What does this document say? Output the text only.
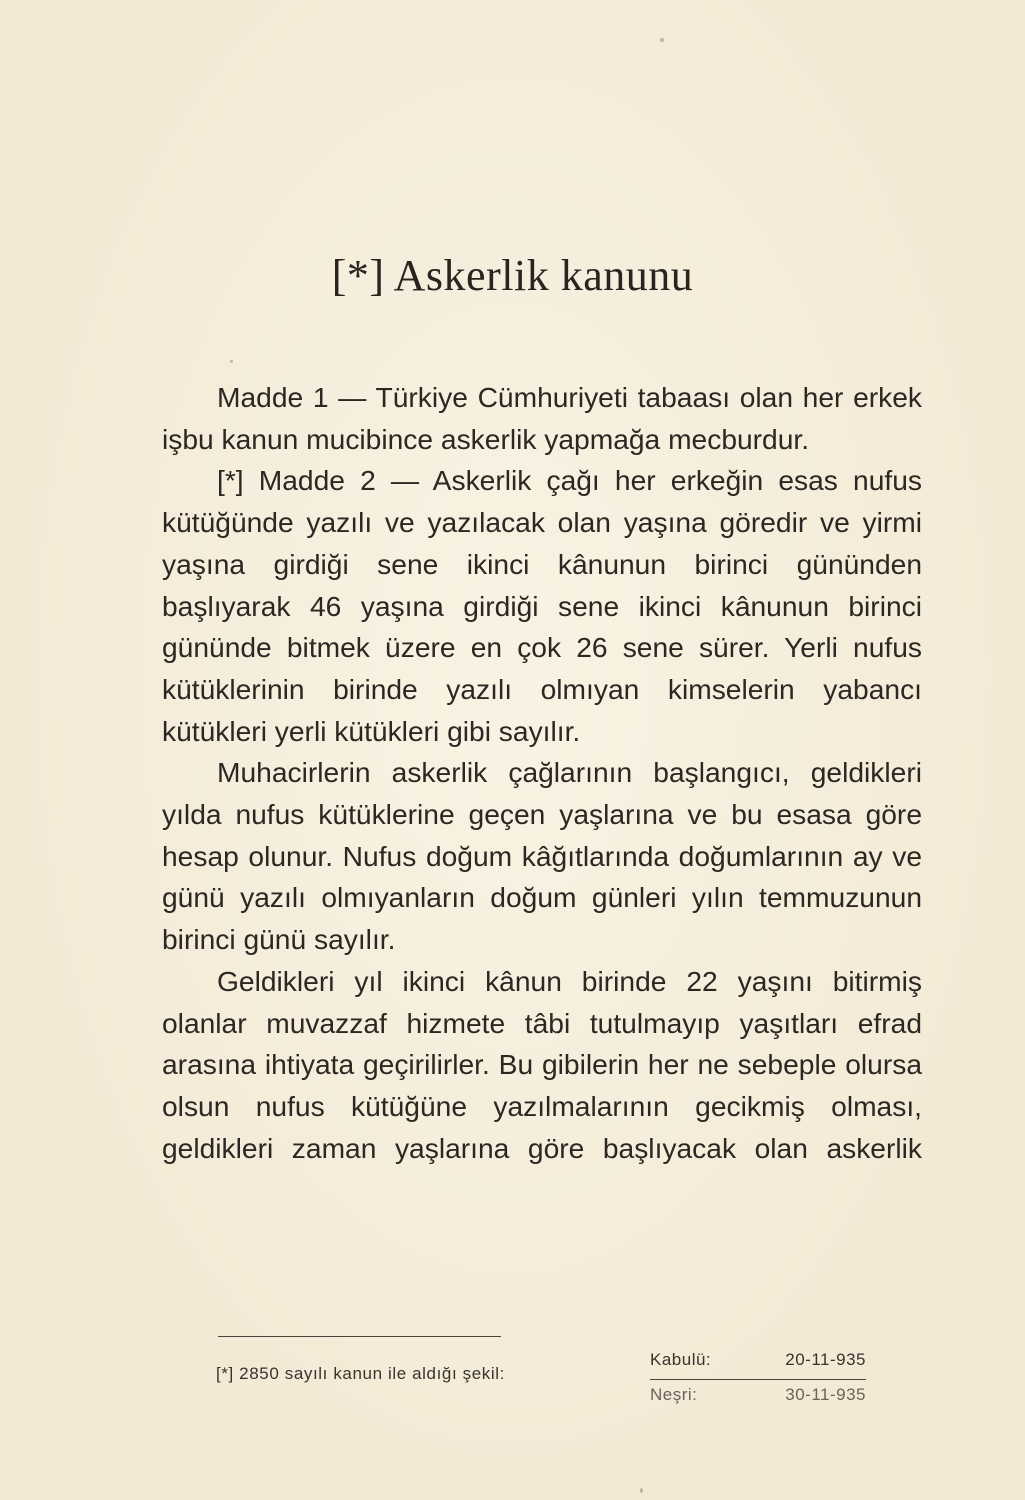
[*] Askerlik kanunu

Madde 1 — Türkiye Cümhuriyeti tabaası olan her erkek işbu kanun mucibince askerlik yapmağa mecburdur.

[*] Madde 2 — Askerlik çağı her erkeğin esas nufus kütüğünde yazılı ve yazılacak olan yaşına göredir ve yirmi yaşına girdiği sene ikinci kânunun birinci gününden başlıyarak 46 yaşına girdiği sene ikinci kânunun birinci gününde bitmek üzere en çok 26 sene sürer. Yerli nufus kütüklerinin birinde yazılı olmıyan kimselerin yabancı kütükleri yerli kütükleri gibi sayılır.

Muhacirlerin askerlik çağlarının başlangıcı, geldikleri yılda nufus kütüklerine geçen yaşlarına ve bu esasa göre hesap olunur. Nufus doğum kâğıtlarında doğumlarının ay ve günü yazılı olmıyanların doğum günleri yılın temmuzunun birinci günü sayılır.

Geldikleri yıl ikinci kânun birinde 22 yaşını bitirmiş olanlar muvazzaf hizmete tâbi tutulmayıp yaşıtları efrad arasına ihtiyata geçirilirler. Bu gibilerin her ne sebeple olursa olsun nufus kütüğüne yazılmalarının gecikmiş olması, geldikleri zaman yaşlarına göre başlıyacak olan askerlik

[*] 2850 sayılı kanun ile aldığı şekil:
Kabulü:	20-11-935
Neşri:	30-11-935
